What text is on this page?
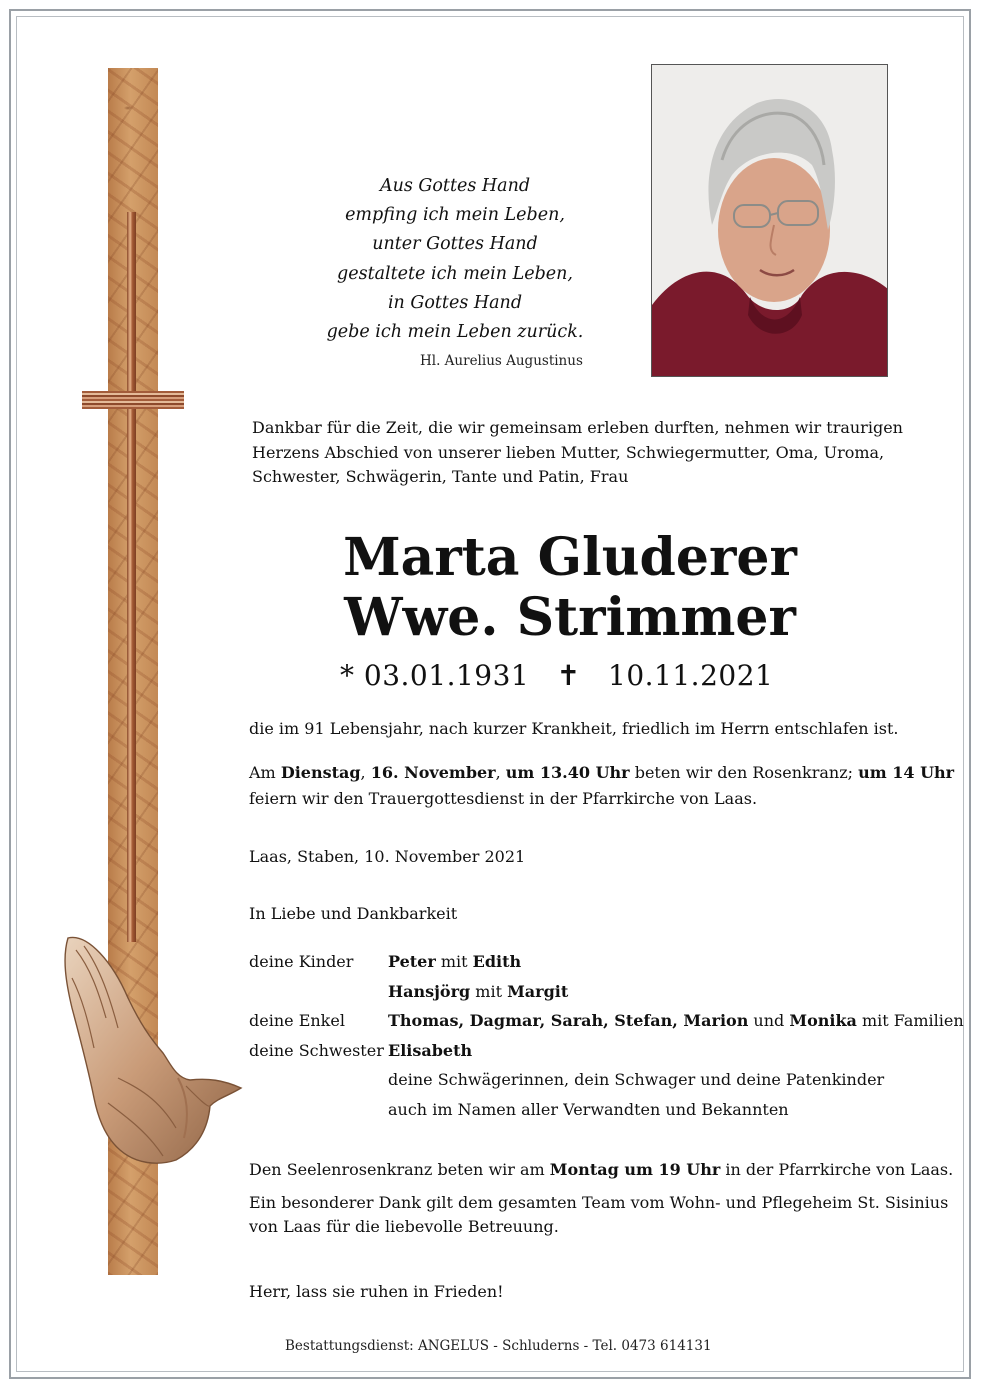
Aus Gottes Hand
empfing ich mein Leben,
unter Gottes Hand
gestaltete ich mein Leben,
in Gottes Hand
gebe ich mein Leben zurück.
Hl. Aurelius Augustinus
Dankbar für die Zeit, die wir gemeinsam erleben durften, nehmen wir traurigen Herzens Abschied von unserer lieben Mutter, Schwiegermutter, Oma, Uroma, Schwester, Schwägerin, Tante und Patin, Frau
Marta Gluderer
Wwe. Strimmer
* 03.01.1931 ✝ 10.11.2021
die im 91 Lebensjahr, nach kurzer Krankheit, friedlich im Herrn entschlafen ist.
Am Dienstag, 16. November, um 13.40 Uhr beten wir den Rosenkranz; um 14 Uhr
feiern wir den Trauergottesdienst in der Pfarrkirche von Laas.
Laas, Staben, 10. November 2021
In Liebe und Dankbarkeit
deine Kinder Peter mit Edith
Hansjörg mit Margit
deine Enkel	Thomas, Dagmar, Sarah, Stefan, Marion und Monika mit Familien
deine Schwester Elisabeth
deine Schwägerinnen, dein Schwager und deine Patenkinder
auch im Namen aller Verwandten und Bekannten
Den Seelenrosenkranz beten wir am Montag um 19 Uhr in der Pfarrkirche von Laas.
Ein besonderer Dank gilt dem gesamten Team vom Wohn- und Pflegeheim St. Sisinius
von Laas für die liebevolle Betreuung.
Herr, lass sie ruhen in Frieden!
Bestattungsdienst: ANGELUS - Schluderns - Tel. 0473 614131
